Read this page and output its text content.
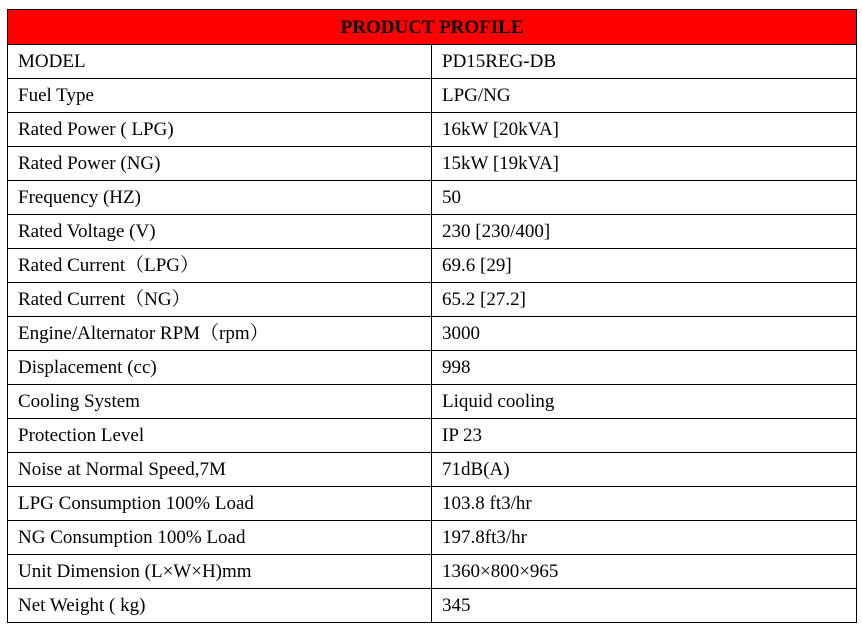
PRODUCT PROFILE	
MODEL	PD15REG-DB
Fuel Type	LPG/NG
Rated Power ( LPG)	16kW [20kVA]
Rated Power (NG)	15kW [19kVA]
Frequency (HZ)	50
Rated Voltage (V)	230 [230/400]
Rated Current（LPG）	69.6 [29]
Rated Current（NG）	65.2 [27.2]
Engine/Alternator RPM（rpm）	3000
Displacement (cc)	998
Cooling System	Liquid cooling
Protection Level	IP 23
Noise at Normal Speed,7M	71dB(A)
LPG Consumption 100% Load	103.8 ft3/hr
NG Consumption 100% Load	197.8ft3/hr
Unit Dimension (L×W×H)mm	1360×800×965
Net Weight ( kg)	345
